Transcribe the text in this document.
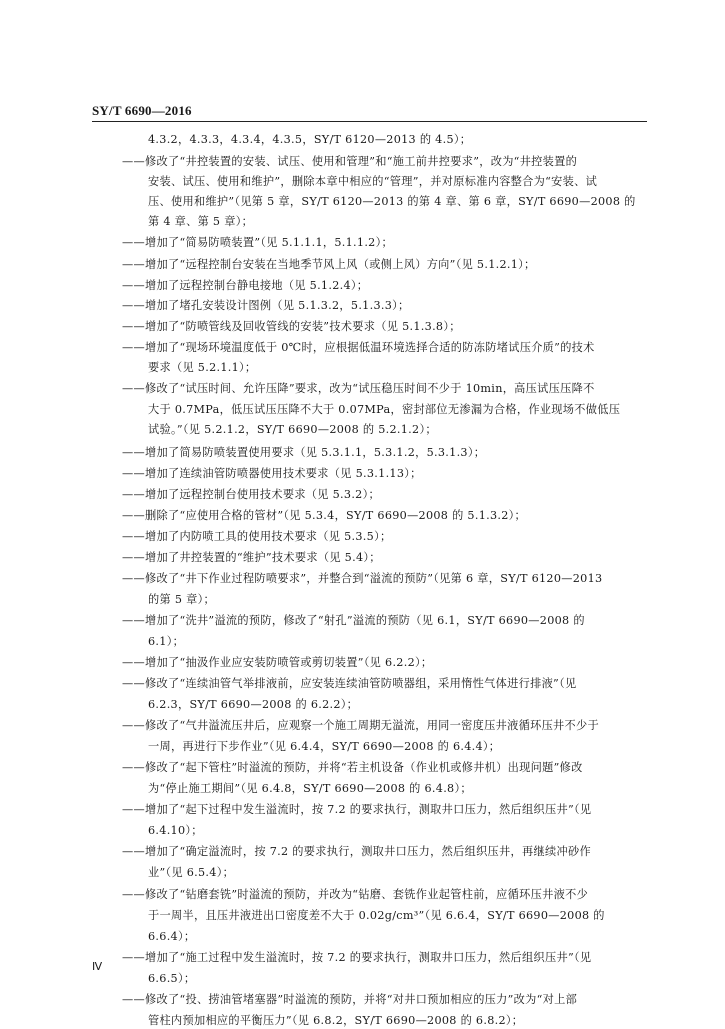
SY/T 6690—2016
4.3.2，4.3.3，4.3.4，4.3.5，SY/T 6120—2013 的 4.5）；
——修改了“井控装置的安装、试压、使用和管理”和“施工前井控要求”，改为“井控装置的
安装、试压、使用和维护”，删除本章中相应的“管理”，并对原标准内容整合为“安装、试
压、使用和维护”（见第 5 章，SY/T 6120—2013 的第 4 章、第 6 章，SY/T 6690—2008 的
第 4 章、第 5 章）；
——增加了“简易防喷装置”（见 5.1.1.1，5.1.1.2）；
——增加了“远程控制台安装在当地季节风上风（或侧上风）方向”（见 5.1.2.1）；
——增加了远程控制台静电接地（见 5.1.2.4）；
——增加了堵孔安装设计图例（见 5.1.3.2，5.1.3.3）；
——增加了“防喷管线及回收管线的安装”技术要求（见 5.1.3.8）；
——增加了“现场环境温度低于 0℃时，应根据低温环境选择合适的防冻防堵试压介质”的技术
要求（见 5.2.1.1）；
——修改了“试压时间、允许压降”要求，改为“试压稳压时间不少于 10min，高压试压压降不
大于 0.7MPa，低压试压压降不大于 0.07MPa，密封部位无渗漏为合格，作业现场不做低压
试验。”（见 5.2.1.2，SY/T 6690—2008 的 5.2.1.2）；
——增加了简易防喷装置使用要求（见 5.3.1.1，5.3.1.2，5.3.1.3）；
——增加了连续油管防喷器使用技术要求（见 5.3.1.13）；
——增加了远程控制台使用技术要求（见 5.3.2）；
——删除了“应使用合格的管材”（见 5.3.4，SY/T 6690—2008 的 5.1.3.2）；
——增加了内防喷工具的使用技术要求（见 5.3.5）；
——增加了井控装置的“维护”技术要求（见 5.4）；
——修改了“井下作业过程防喷要求”，并整合到“溢流的预防”（见第 6 章，SY/T 6120—2013
的第 5 章）；
——增加了“洗井”溢流的预防，修改了“射孔”溢流的预防（见 6.1，SY/T 6690—2008 的
6.1）；
——增加了“抽汲作业应安装防喷管或剪切装置”（见 6.2.2）；
——修改了“连续油管气举排液前，应安装连续油管防喷器组，采用惰性气体进行排液”（见
6.2.3，SY/T 6690—2008 的 6.2.2）；
——修改了“气井溢流压井后，应观察一个施工周期无溢流，用同一密度压井液循环压井不少于
一周，再进行下步作业”（见 6.4.4，SY/T 6690—2008 的 6.4.4）；
——修改了“起下管柱”时溢流的预防，并将“若主机设备（作业机或修井机）出现问题”修改
为“停止施工期间”（见 6.4.8，SY/T 6690—2008 的 6.4.8）；
——增加了“起下过程中发生溢流时，按 7.2 的要求执行，测取井口压力，然后组织压井”（见
6.4.10）；
——增加了“确定溢流时，按 7.2 的要求执行，测取井口压力，然后组织压井，再继续冲砂作
业”（见 6.5.4）；
——修改了“钻磨套铣”时溢流的预防，并改为“钻磨、套铣作业起管柱前，应循环压井液不少
于一周半，且压井液进出口密度差不大于 0.02g/cm³”（见 6.6.4，SY/T 6690—2008 的
6.6.4）；
——增加了“施工过程中发生溢流时，按 7.2 的要求执行，测取井口压力，然后组织压井”（见
6.6.5）；
——修改了“投、捞油管堵塞器”时溢流的预防，并将“对井口预加相应的压力”改为“对上部
管柱内预加相应的平衡压力”（见 6.8.2，SY/T 6690—2008 的 6.8.2）；
Ⅳ
